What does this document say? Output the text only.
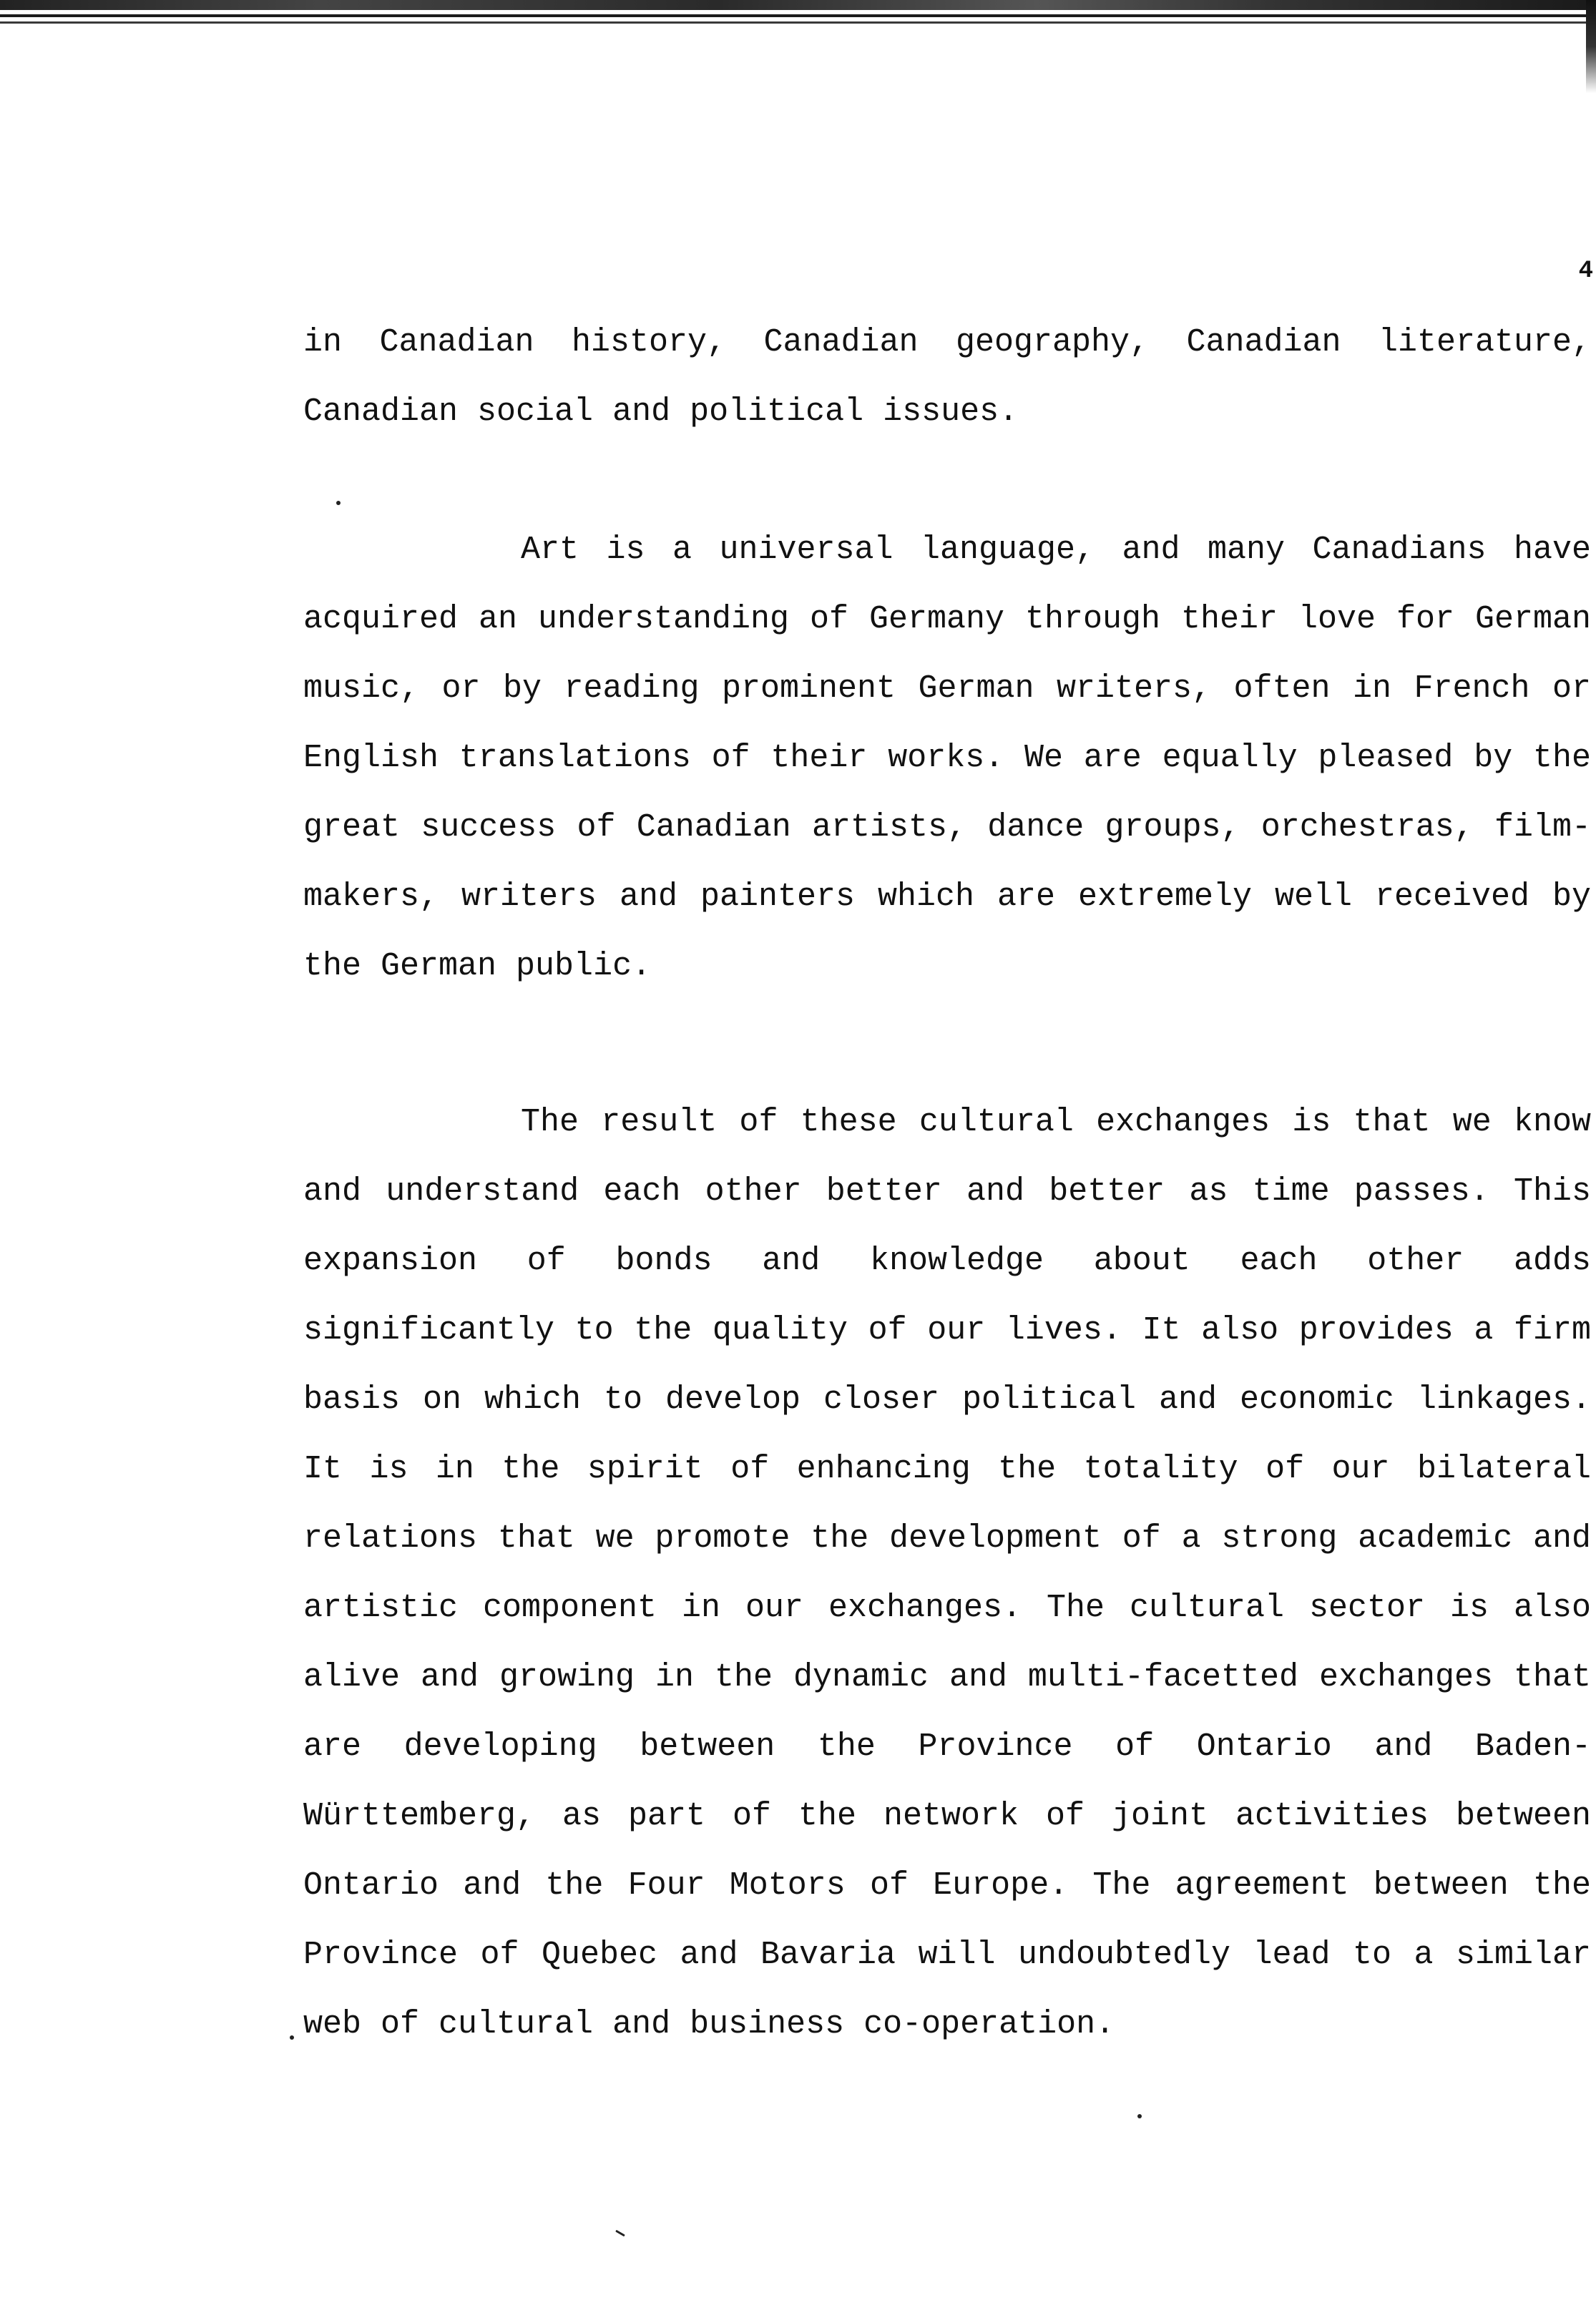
4

in Canadian history, Canadian geography, Canadian literature, Canadian social and political issues.

Art is a universal language, and many Canadians have acquired an understanding of Germany through their love for German music, or by reading prominent German writers, often in French or English translations of their works. We are equally pleased by the great success of Canadian artists, dance groups, orchestras, film-makers, writers and painters which are extremely well received by the German public.

The result of these cultural exchanges is that we know and understand each other better and better as time passes. This expansion of bonds and knowledge about each other adds significantly to the quality of our lives. It also provides a firm basis on which to develop closer political and economic linkages. It is in the spirit of enhancing the totality of our bilateral relations that we promote the development of a strong academic and artistic component in our exchanges. The cultural sector is also alive and growing in the dynamic and multi-facetted exchanges that are developing between the Province of Ontario and Baden-Württemberg, as part of the network of joint activities between Ontario and the Four Motors of Europe. The agreement between the Province of Quebec and Bavaria will undoubtedly lead to a similar web of cultural and business co-operation.
